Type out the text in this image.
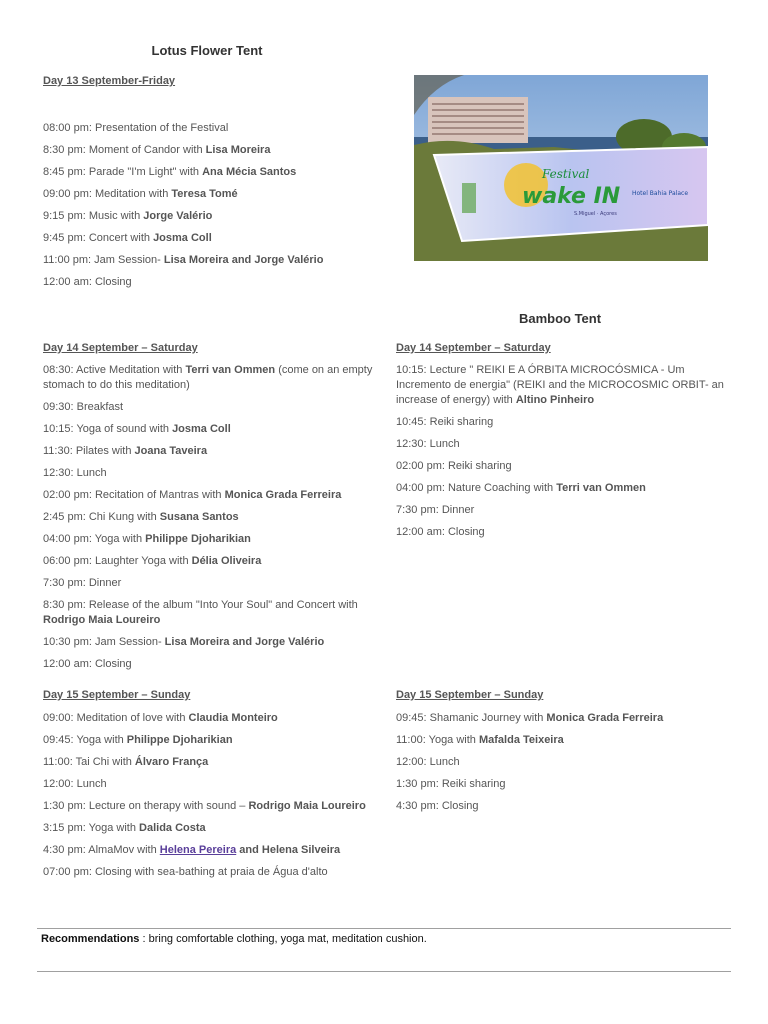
Lotus Flower Tent
Day 13 September-Friday
08:00 pm: Presentation of the Festival
8:30 pm: Moment of Candor with Lisa Moreira
8:45 pm: Parade "I'm Light" with Ana Mécia Santos
09:00 pm: Meditation with Teresa Tomé
9:15 pm: Music with Jorge Valério
9:45 pm: Concert with Josma Coll
11:00 pm: Jam Session- Lisa Moreira and Jorge Valério
12:00 am: Closing
Festival
wake IN
S.Miguel · Açores
Hotel Bahia Palace
Bamboo Tent
Day 14 September – Saturday
08:30: Active Meditation with Terri van Ommen (come on an empty stomach to do this meditation)
09:30: Breakfast
10:15: Yoga of sound with Josma Coll
11:30: Pilates with Joana Taveira
12:30: Lunch
02:00 pm: Recitation of Mantras with Monica Grada Ferreira
2:45 pm: Chi Kung with Susana Santos
04:00 pm: Yoga with Philippe Djoharikian
06:00 pm: Laughter Yoga with Délia Oliveira
7:30 pm: Dinner
8:30 pm: Release of the album "Into Your Soul" and Concert with Rodrigo Maia Loureiro
10:30 pm: Jam Session- Lisa Moreira and Jorge Valério
12:00 am: Closing
Day 14 September – Saturday
10:15: Lecture " REIKI E A ÓRBITA MICROCÓSMICA - Um Incremento de energia" (REIKI and the MICROCOSMIC ORBIT- an increase of energy) with Altino Pinheiro
10:45: Reiki sharing
12:30: Lunch
02:00 pm: Reiki sharing
04:00 pm: Nature Coaching with Terri van Ommen
7:30 pm: Dinner
12:00 am: Closing
Day 15 September – Sunday
09:00: Meditation of love with Claudia Monteiro
09:45: Yoga with Philippe Djoharikian
11:00: Tai Chi with Álvaro França
12:00: Lunch
1:30 pm: Lecture on therapy with sound – Rodrigo Maia Loureiro
3:15 pm: Yoga with Dalida Costa
4:30 pm: AlmaMov with Helena Pereira and Helena Silveira
07:00 pm: Closing with sea-bathing at praia de Água d'alto
Day 15 September – Sunday
09:45: Shamanic Journey with Monica Grada Ferreira
11:00: Yoga with Mafalda Teixeira
12:00: Lunch
1:30 pm: Reiki sharing
4:30 pm: Closing
Recommendations : bring comfortable clothing, yoga mat, meditation cushion.
